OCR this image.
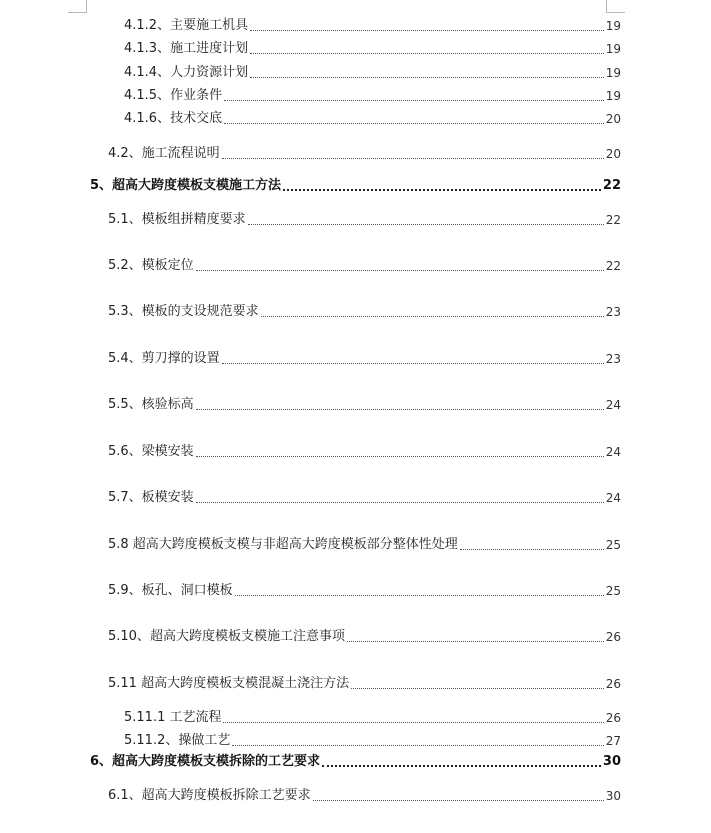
4.1.2、主要施工机具	19
4.1.3、施工进度计划	19
4.1.4、人力资源计划	19
4.1.5、作业条件	19
4.1.6、技术交底	20
4.2、施工流程说明	20
5、超高大跨度模板支模施工方法	22
5.1、模板组拼精度要求	22
5.2、模板定位	22
5.3、模板的支设规范要求	23
5.4、剪刀撑的设置	23
5.5、核验标高	24
5.6、梁模安装	24
5.7、板模安装	24
5.8 超高大跨度模板支模与非超高大跨度模板部分整体性处理	25
5.9、板孔、洞口模板	25
5.10、超高大跨度模板支模施工注意事项	26
5.11 超高大跨度模板支模混凝土浇注方法	26
5.11.1 工艺流程	26
5.11.2、操做工艺	27
6、超高大跨度模板支模拆除的工艺要求	30
6.1、超高大跨度模板拆除工艺要求	30
